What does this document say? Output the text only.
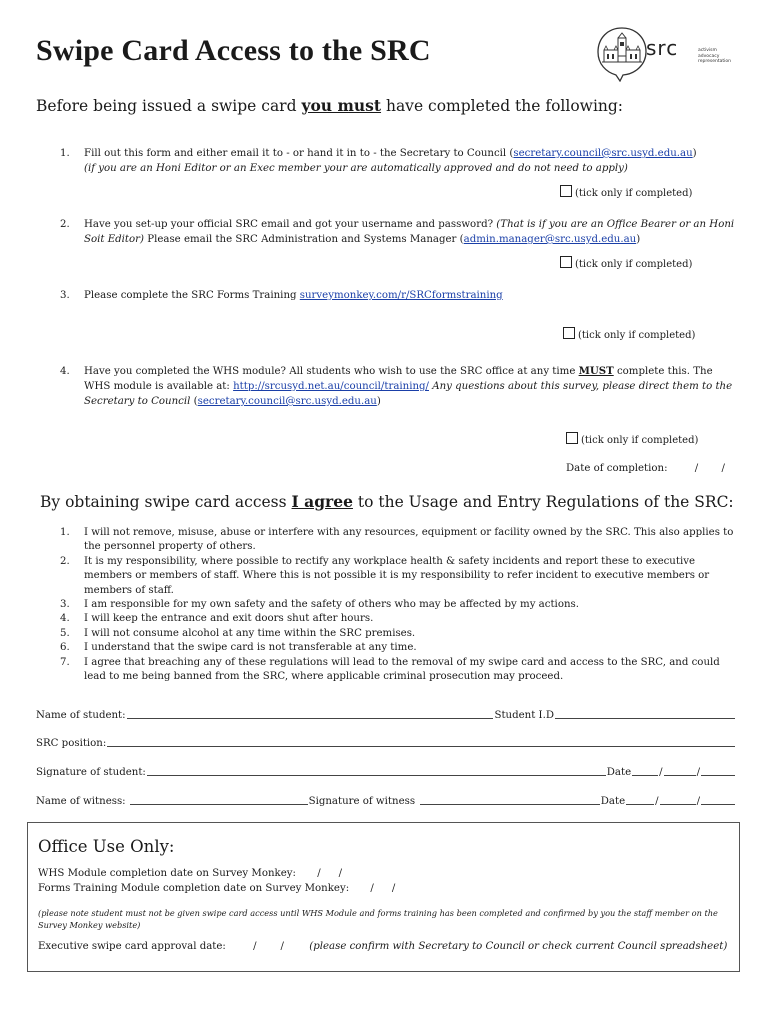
Swipe Card Access to the SRC	src	activism
advocacy
representation
Before being issued a swipe card you must have completed the following:
1. Fill out this form and either email it to - or hand it in to - the Secretary to Council (secretary.council@src.usyd.edu.au)
(if you are an Honi Editor or an Exec member your are automatically approved and do not need to apply)
(tick only if completed)
2. Have you set-up your official SRC email and got your username and password? (That is if you are an Office Bearer or an Honi Soit Editor) Please email the SRC Administration and Systems Manager (admin.manager@src.usyd.edu.au)
(tick only if completed)
3. Please complete the SRC Forms Training surveymonkey.com/r/SRCformstraining
(tick only if completed)
4. Have you completed the WHS module? All students who wish to use the SRC office at any time MUST complete this. The WHS module is available at: http://srcusyd.net.au/council/training/ Any questions about this survey, please direct them to the Secretary to Council (secretary.council@src.usyd.edu.au)
(tick only if completed)
Date of completion:	/ /
By obtaining swipe card access I agree to the Usage and Entry Regulations of the SRC:
1. I will not remove, misuse, abuse or interfere with any resources, equipment or facility owned by the SRC. This also applies to the personnel property of others.
2. It is my responsibility, where possible to rectify any workplace health & safety incidents and report these to executive members or members of staff. Where this is not possible it is my responsibility to refer incident to executive members or members of staff.
3. I am responsible for my own safety and the safety of others who may be affected by my actions.
4. I will keep the entrance and exit doors shut after hours.
5. I will not consume alcohol at any time within the SRC premises.
6. I understand that the swipe card is not transferable at any time.
7. I agree that breaching any of these regulations will lead to the removal of my swipe card and access to the SRC, and could lead to me being banned from the SRC, where applicable criminal prosecution may proceed.
Name of student:	Student I.D
SRC position:
Signature of student:	Date	/	/
Name of witness:	Signature of witness	Date	/	/
Office Use Only:
WHS Module completion date on Survey Monkey: / /
Forms Training Module completion date on Survey Monkey: / /
(please note student must not be given swipe card access until WHS Module and forms training has been completed and confirmed by you the staff member on the Survey Monkey website)
Executive swipe card approval date:	/ / (please confirm with Secretary to Council or check current Council spreadsheet)
